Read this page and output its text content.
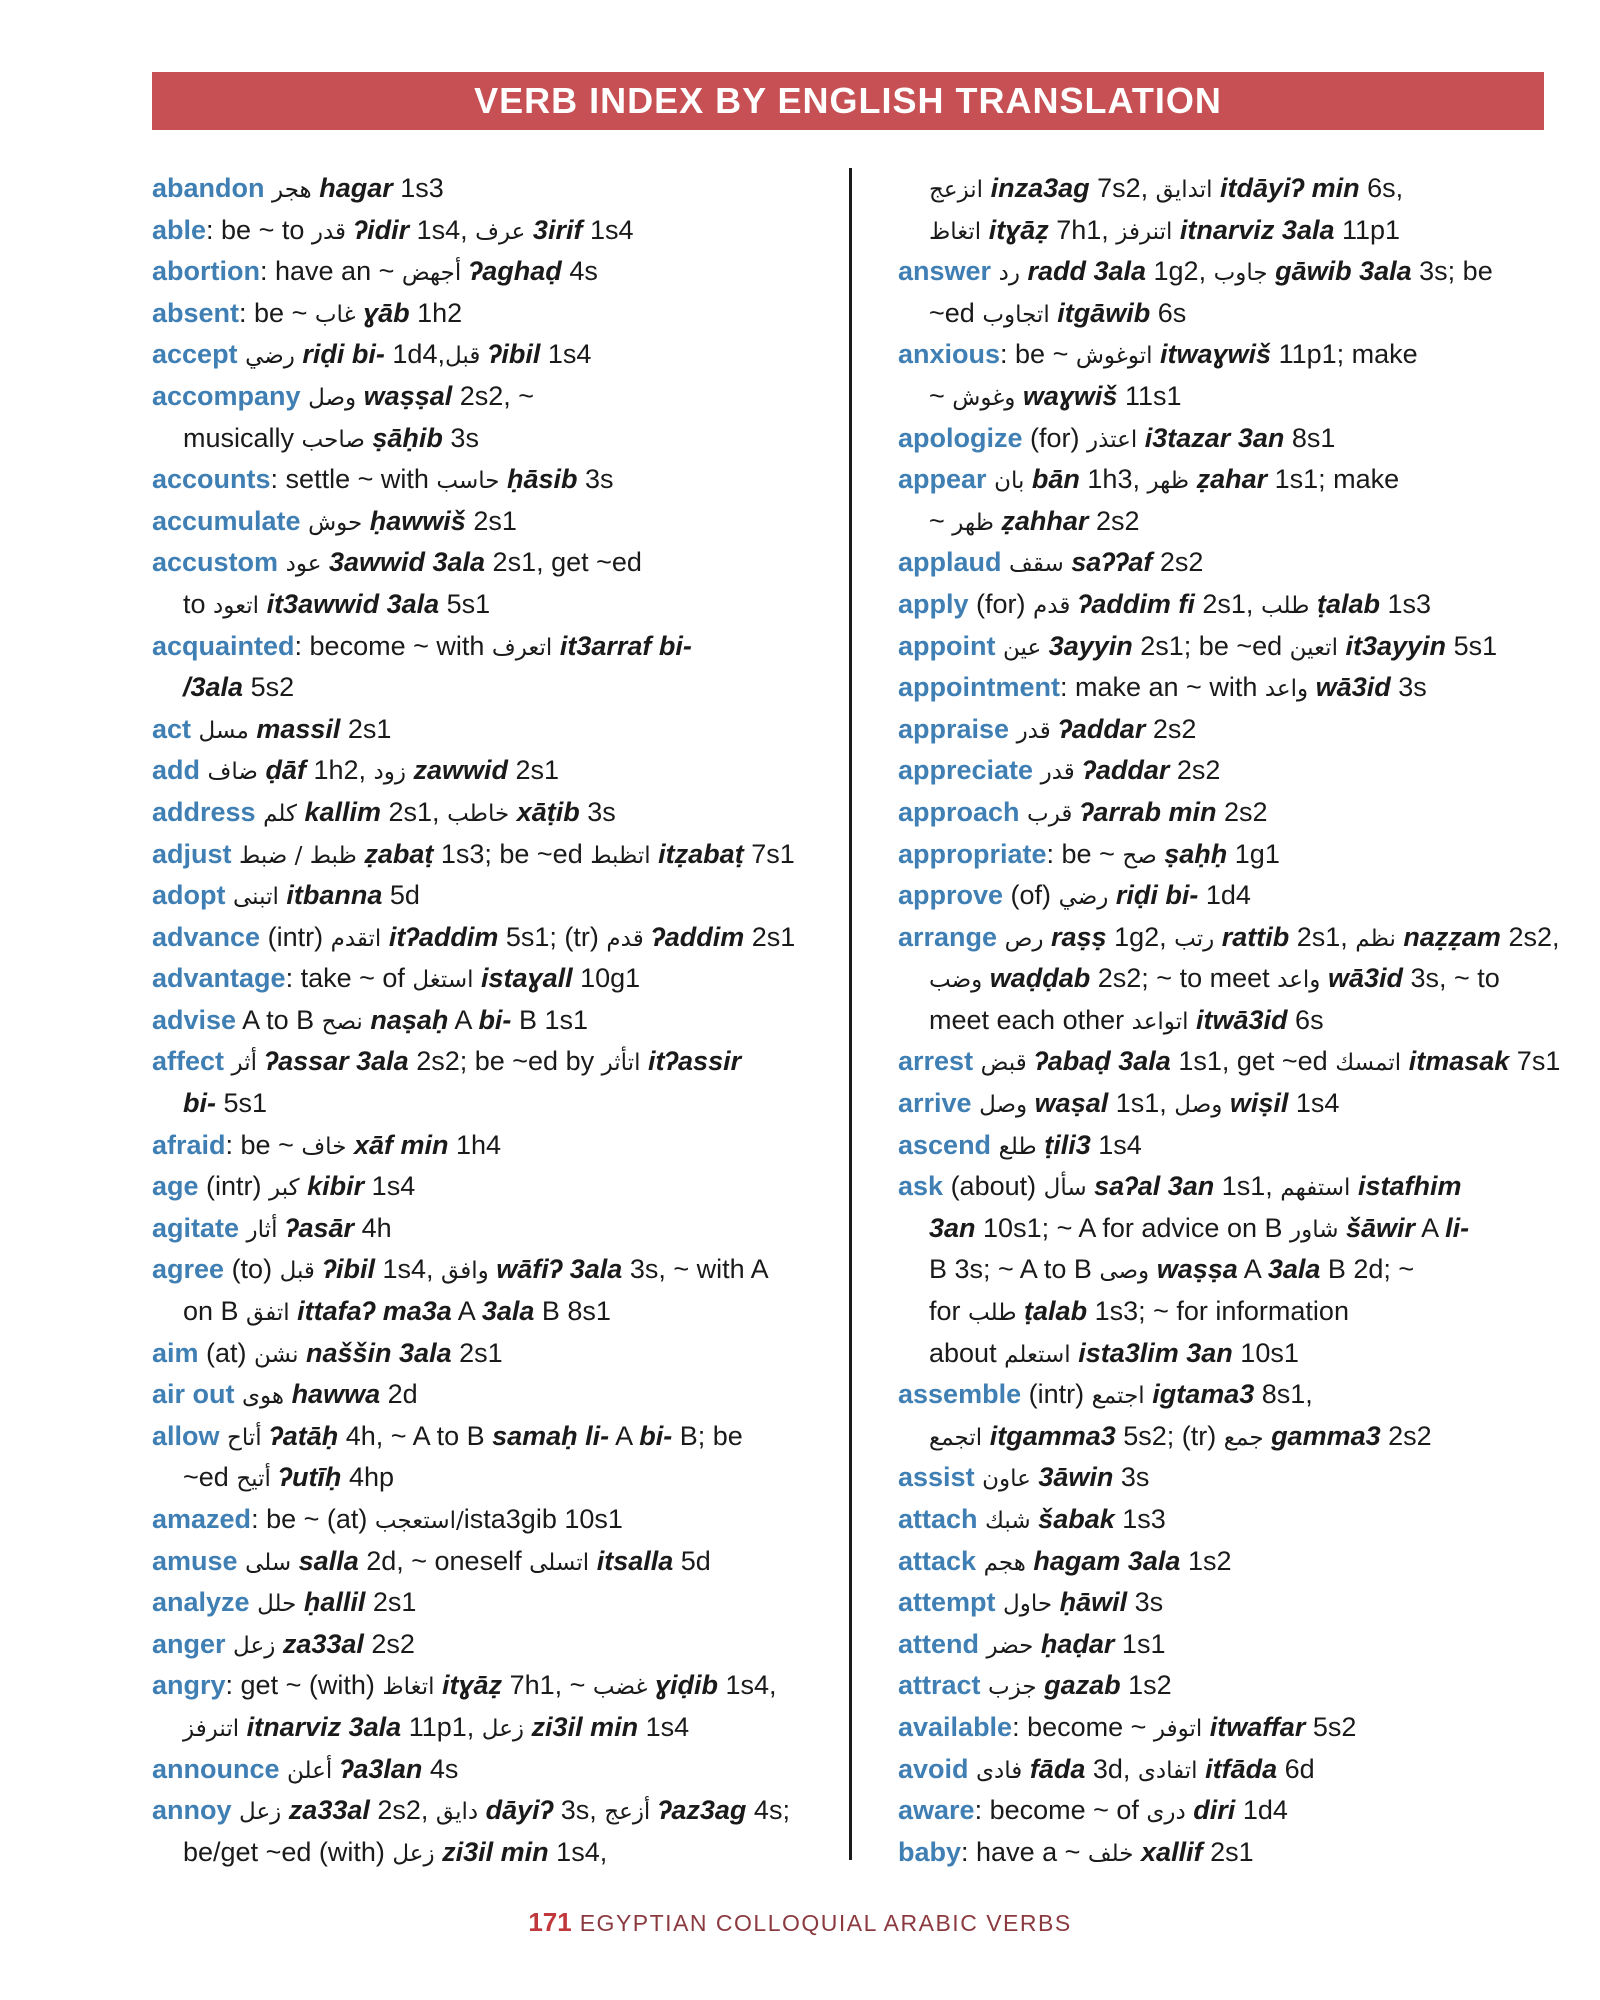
VERB INDEX BY ENGLISH TRANSLATION
abandon هجر hagar 1s3
able: be ~ to قدر ʔidir 1s4, عرف 3irif 1s4
abortion: have an ~ أجهض ʔaghaḍ 4s
absent: be ~ غاب ɣāb 1h2
accept رضي riḍi bi- 1d4,قبل ʔibil 1s4
accompany وصل waṣṣal 2s2, ~
musically صاحب ṣāḥib 3s
accounts: settle ~ with حاسب ḥāsib 3s
accumulate حوش ḥawwiš 2s1
accustom عود 3awwid 3ala 2s1, get ~ed
to اتعود it3awwid 3ala 5s1
acquainted: become ~ with اتعرف it3arraf bi-
/3ala 5s2
act مسل massil 2s1
add ضاف ḍāf 1h2, زود zawwid 2s1
address كلم kallim 2s1, خاطب xāṭib 3s
adjust ظبط / ضبط ẓabaṭ 1s3; be ~ed اتظبط itẓabaṭ 7s1
adopt اتبنى itbanna 5d
advance (intr) اتقدم itʔaddim 5s1; (tr) قدم ʔaddim 2s1
advantage: take ~ of استغل istaɣall 10g1
advise A to B نصح naṣaḥ A bi- B 1s1
affect أثر ʔassar 3ala 2s2; be ~ed by اتأثر itʔassir
bi- 5s1
afraid: be ~ خاف xāf min 1h4
age (intr) كبر kibir 1s4
agitate أثار ʔasār 4h
agree (to) قبل ʔibil 1s4, وافق wāfiʔ 3ala 3s, ~ with A
on B اتفق ittafaʔ ma3a A 3ala B 8s1
aim (at) نشن naššin 3ala 2s1
air out هوى hawwa 2d
allow أتاح ʔatāḥ 4h, ~ A to B samaḥ li- A bi- B; be
~ed أتيح ʔutīḥ 4hp
amazed: be ~ (at) /استعجبista3gib 10s1
amuse سلى salla 2d, ~ oneself اتسلى itsalla 5d
analyze حلل ḥallil 2s1
anger زعل za33al 2s2
angry: get ~ (with) اتغاظ itɣāẓ 7h1, ~ غضب ɣiḍib 1s4,
اتنرفز itnarviz 3ala 11p1, زعل zi3il min 1s4
announce أعلن ʔa3lan 4s
annoy زعل za33al 2s2, دايق dāyiʔ 3s, أزعج ʔaz3ag 4s;
be/get ~ed (with) زعل zi3il min 1s4,
انزعج inza3ag 7s2, اتدايق itdāyiʔ min 6s,
اتغاظ itɣāẓ 7h1, اتنرفز itnarviz 3ala 11p1
answer رد radd 3ala 1g2, جاوب gāwib 3ala 3s; be
~ed اتجاوب itgāwib 6s
anxious: be ~ اتوغوش itwaɣwiš 11p1; make
~ وغوش waɣwiš 11s1
apologize (for) اعتذر i3tazar 3an 8s1
appear بان bān 1h3, ظهر ẓahar 1s1; make
~ ظهر ẓahhar 2s2
applaud سقف saʔʔaf 2s2
apply (for) قدم ʔaddim fi 2s1, طلب ṭalab 1s3
appoint عين 3ayyin 2s1; be ~ed اتعين it3ayyin 5s1
appointment: make an ~ with واعد wā3id 3s
appraise قدر ʔaddar 2s2
appreciate قدر ʔaddar 2s2
approach قرب ʔarrab min 2s2
appropriate: be ~ صح ṣaḥḥ 1g1
approve (of) رضي riḍi bi- 1d4
arrange رص raṣṣ 1g2, رتب rattib 2s1, نظم naẓẓam 2s2,
وضب waḍḍab 2s2; ~ to meet واعد wā3id 3s, ~ to
meet each other اتواعد itwā3id 6s
arrest قبض ʔabaḍ 3ala 1s1, get ~ed اتمسك itmasak 7s1
arrive وصل waṣal 1s1, وصل wiṣil 1s4
ascend طلع ṭili3 1s4
ask (about) سأل saʔal 3an 1s1, استفهم istafhim
3an 10s1; ~ A for advice on B شاور šāwir A li-
B 3s; ~ A to B وصى waṣṣa A 3ala B 2d; ~
for طلب ṭalab 1s3; ~ for information
about استعلم ista3lim 3an 10s1
assemble (intr) اجتمع igtama3 8s1,
اتجمع itgamma3 5s2; (tr) جمع gamma3 2s2
assist عاون 3āwin 3s
attach شبك šabak 1s3
attack هجم hagam 3ala 1s2
attempt حاول ḥāwil 3s
attend حضر ḥaḍar 1s1
attract جزب gazab 1s2
available: become ~ اتوفر itwaffar 5s2
avoid فادى fāda 3d, اتفادى itfāda 6d
aware: become ~ of درى diri 1d4
baby: have a ~ خلف xallif 2s1
171 EGYPTIAN COLLOQUIAL ARABIC VERBS
